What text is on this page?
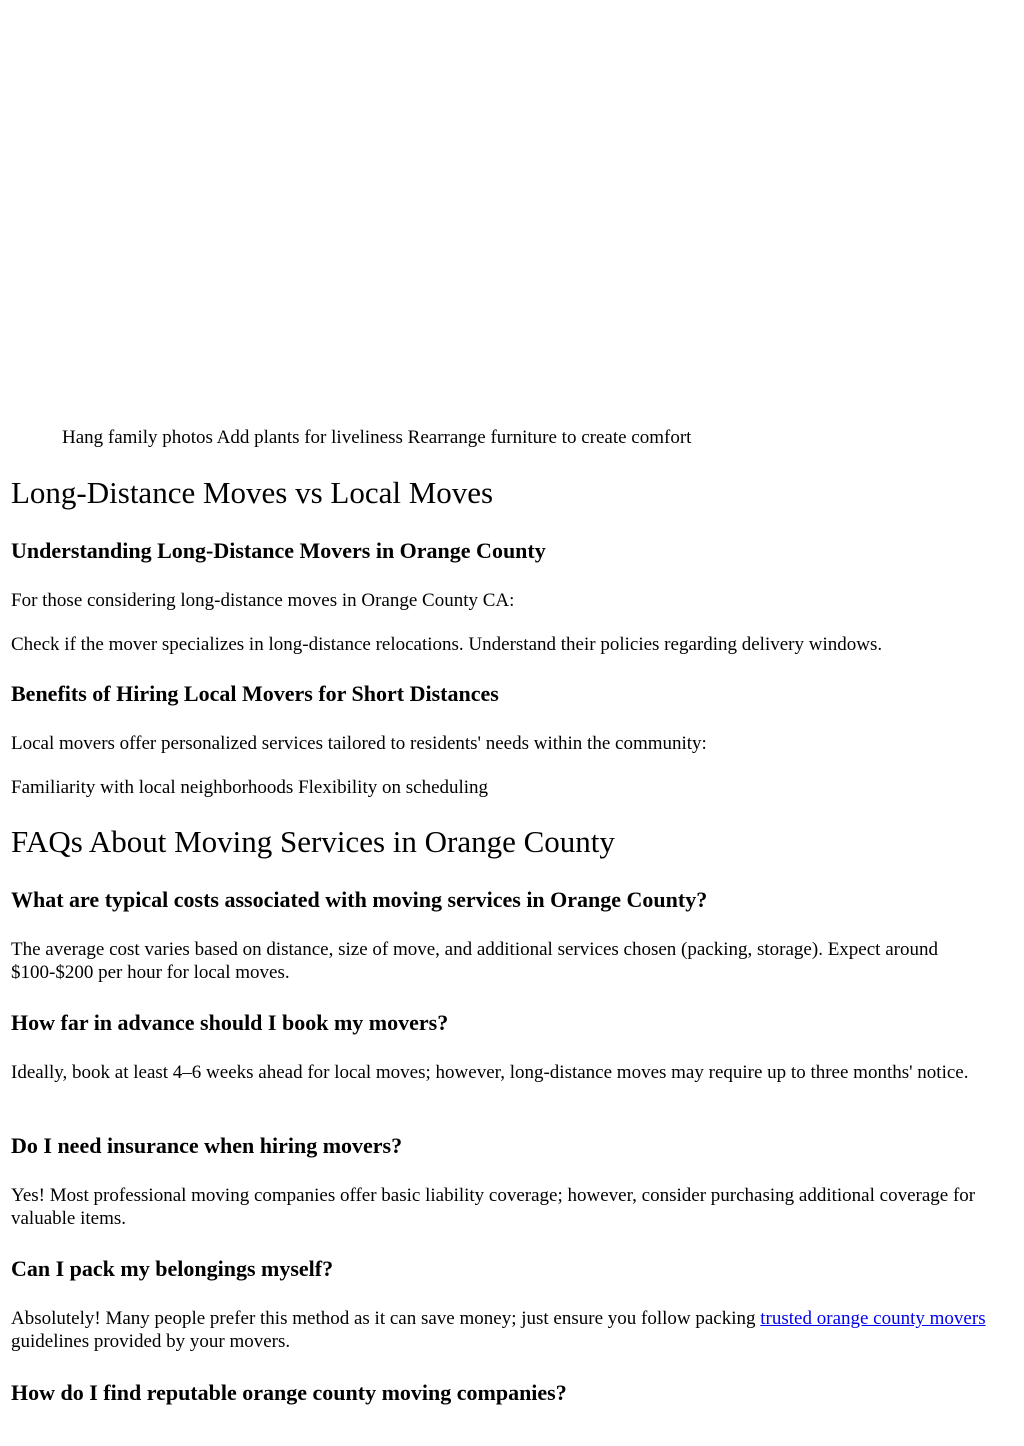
Hang family photos Add plants for liveliness Rearrange furniture to create comfort
Long-Distance Moves vs Local Moves
Understanding Long-Distance Movers in Orange County

For those considering long-distance moves in Orange County CA:

Check if the mover specializes in long-distance relocations. Understand their policies regarding delivery windows.

Benefits of Hiring Local Movers for Short Distances

Local movers offer personalized services tailored to residents' needs within the community:

Familiarity with local neighborhoods Flexibility on scheduling

FAQs About Moving Services in Orange County
What are typical costs associated with moving services in Orange County?

The average cost varies based on distance, size of move, and additional services chosen (packing, storage). Expect around $100-$200 per hour for local moves.

How far in advance should I book my movers?

Ideally, book at least 4–6 weeks ahead for local moves; however, long-distance moves may require up to three months' notice.

Do I need insurance when hiring movers?

Yes! Most professional moving companies offer basic liability coverage; however, consider purchasing additional coverage for valuable items.

Can I pack my belongings myself?

Absolutely! Many people prefer this method as it can save money; just ensure you follow packing trusted orange county movers guidelines provided by your movers.

How do I find reputable orange county moving companies?
